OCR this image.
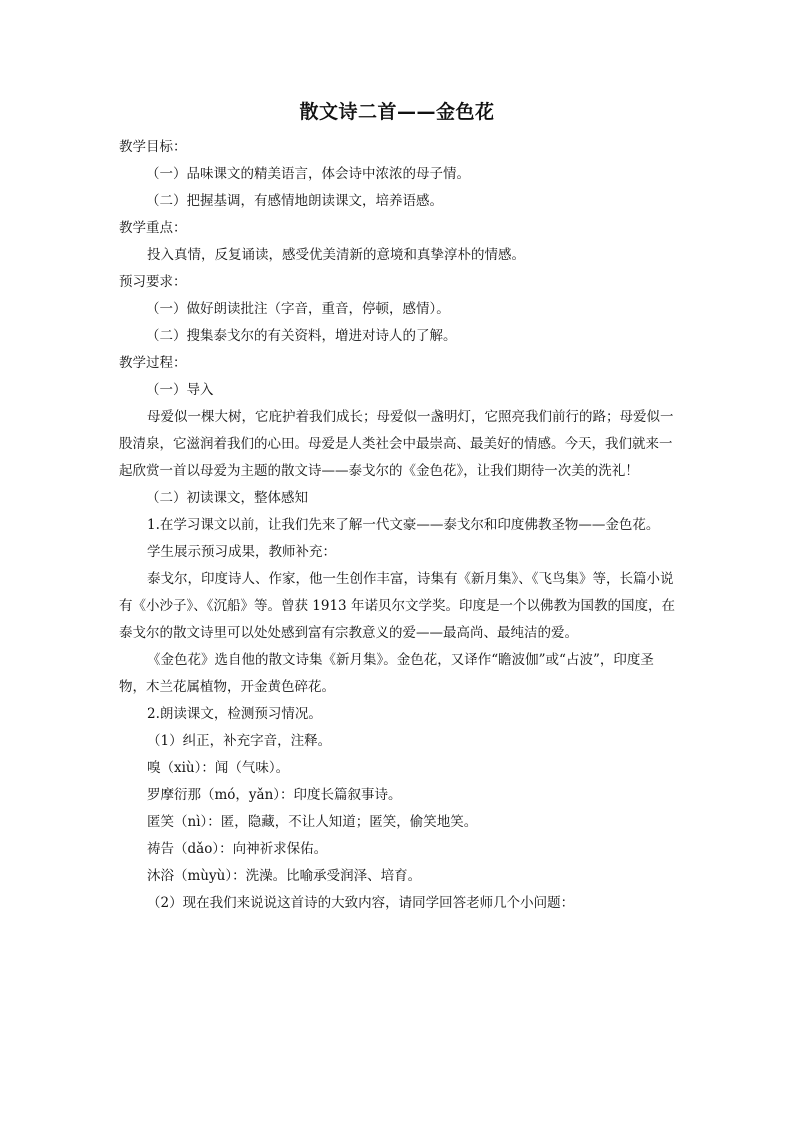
散文诗二首——金色花

教学目标：

（一）品味课文的精美语言，体会诗中浓浓的母子情。

（二）把握基调，有感情地朗读课文，培养语感。

教学重点：

投入真情，反复诵读，感受优美清新的意境和真挚淳朴的情感。

预习要求：

（一）做好朗读批注（字音，重音，停顿，感情）。

（二）搜集泰戈尔的有关资料，增进对诗人的了解。

教学过程：

（一）导入

母爱似一棵大树，它庇护着我们成长；母爱似一盏明灯，它照亮我们前行的路；母爱似一股清泉，它滋润着我们的心田。母爱是人类社会中最崇高、最美好的情感。今天，我们就来一起欣赏一首以母爱为主题的散文诗——泰戈尔的《金色花》，让我们期待一次美的洗礼！

（二）初读课文，整体感知

1.在学习课文以前，让我们先来了解一代文豪——泰戈尔和印度佛教圣物——金色花。

学生展示预习成果，教师补充：

泰戈尔，印度诗人、作家，他一生创作丰富，诗集有《新月集》、《飞鸟集》等，长篇小说有《小沙子》、《沉船》等。曾获 1913 年诺贝尔文学奖。印度是一个以佛教为国教的国度，在泰戈尔的散文诗里可以处处感到富有宗教意义的爱——最高尚、最纯洁的爱。

《金色花》选自他的散文诗集《新月集》。金色花，又译作“瞻波伽”或“占波”，印度圣物，木兰花属植物，开金黄色碎花。

2.朗读课文，检测预习情况。

（1）纠正，补充字音，注释。

嗅（xiù）：闻（气味）。

罗摩衍那（mó，yǎn）：印度长篇叙事诗。

匿笑（nì）：匿，隐藏，不让人知道；匿笑，偷笑地笑。

祷告（dǎo）：向神祈求保佑。

沐浴（mùyù）：洗澡。比喻承受润泽、培育。

（2）现在我们来说说这首诗的大致内容，请同学回答老师几个小问题：
